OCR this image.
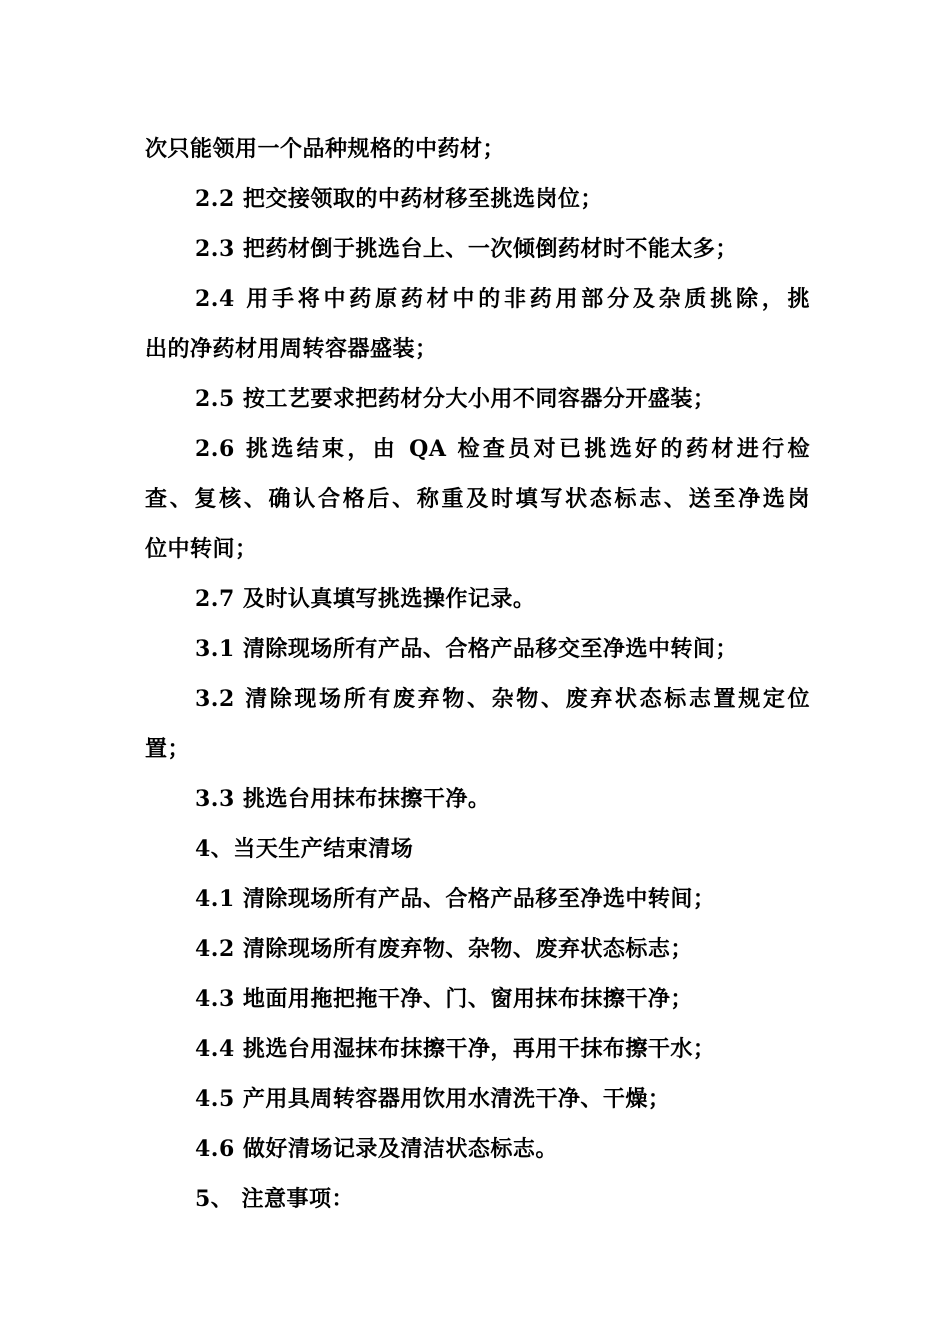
次只能领用一个品种规格的中药材；
2.2 把交接领取的中药材移至挑选岗位；
2.3 把药材倒于挑选台上、一次倾倒药材时不能太多；
2.4 用手将中药原药材中的非药用部分及杂质挑除，挑
出的净药材用周转容器盛装；
2.5 按工艺要求把药材分大小用不同容器分开盛装；
2.6 挑选结束，由 QA 检查员对已挑选好的药材进行检
查、复核、确认合格后、称重及时填写状态标志、送至净选岗
位中转间；
2.7 及时认真填写挑选操作记录。
3.1 清除现场所有产品、合格产品移交至净选中转间；
3.2 清除现场所有废弃物、杂物、废弃状态标志置规定位
置；
3.3 挑选台用抹布抹擦干净。
4、当天生产结束清场
4.1 清除现场所有产品、合格产品移至净选中转间；
4.2 清除现场所有废弃物、杂物、废弃状态标志；
4.3 地面用拖把拖干净、门、窗用抹布抹擦干净；
4.4 挑选台用湿抹布抹擦干净，再用干抹布擦干水；
4.5 产用具周转容器用饮用水清洗干净、干燥；
4.6 做好清场记录及清洁状态标志。
5、 注意事项：
